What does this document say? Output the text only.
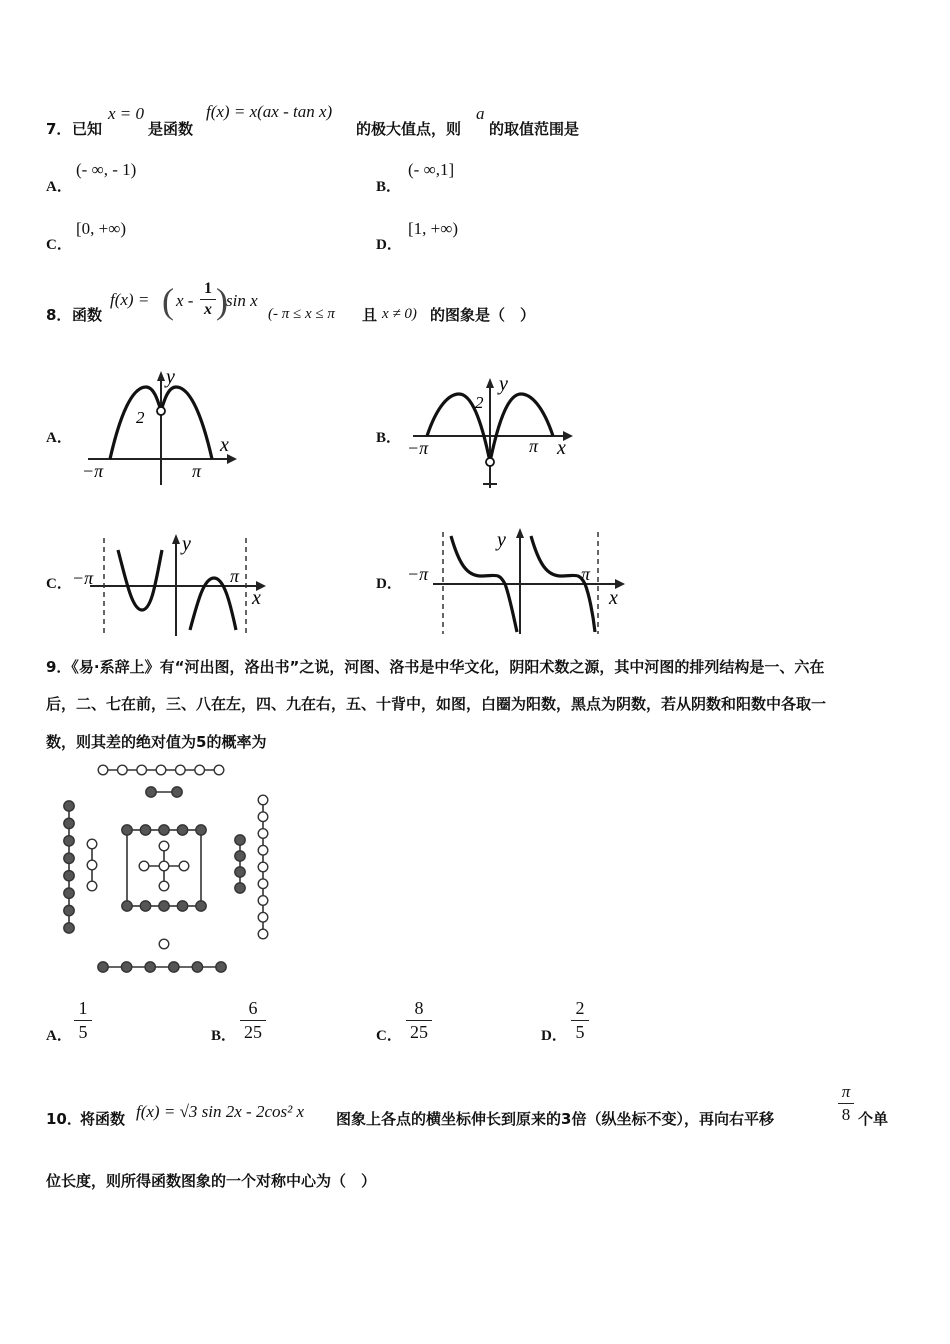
7． 已知
x = 0
是函数
f(x) = x(ax - tan x)
的极大值点，则
a
的取值范围是
A．
(- ∞, - 1)
B．
(- ∞,1]
C．
[0, +∞)
D．
[1, +∞)
8． 函数
f(x) = ( x -
1
x )
sin x
(- π ≤ x ≤ π 且 x ≠ 0) 的图象是（　）
A．
y
2
x
−π	π
B．
y
2
x
−π	π
C．
y
x
−π	π	D．
y
x
−π	π
9．《易·系辞上》有“河出图，洛出书”之说，河图、洛书是中华文化，阴阳术数之源，其中河图的排列结构是一、六在
后，二、七在前，三、八在左，四、九在右，五、十背中，如图，白圈为阳数，黑点为阴数，若从阴数和阳数中各取一
数，则其差的绝对值为5的概率为
A．
1
5	B．
6
25	C．
8
25	D．
2
5
10．
将函数 f(x) = √3 sin 2x - 2cos² x 图象上各点的横坐标伸长到原来的3倍（纵坐标不变），再向右平移
π
8 个单
位长度，则所得函数图象的一个对称中心为（　）
